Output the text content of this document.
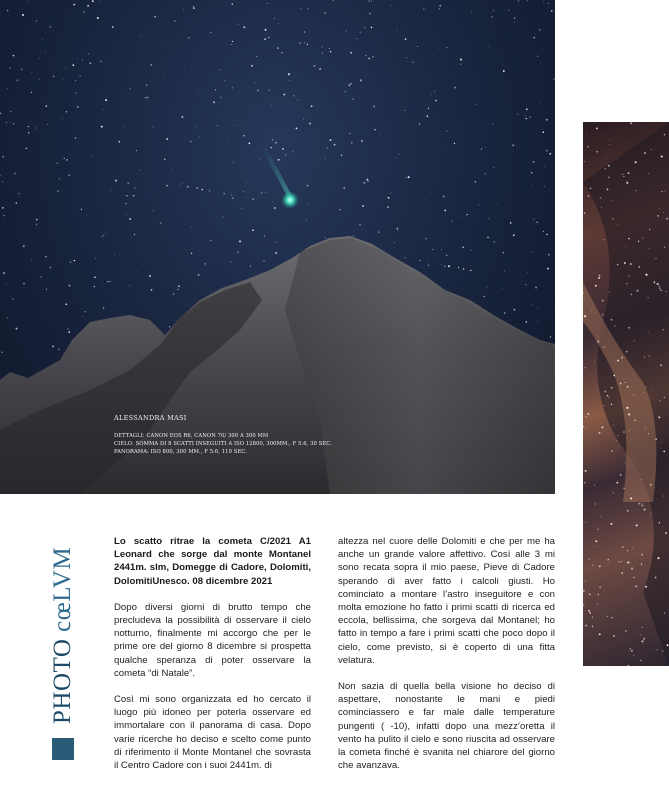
ALESSANDRA MASI
DETTAGLI: CANON EOS R6, CANON 70/ 300 A 300 MM
CIELO: SOMMA DI 8 SCATTI INSEGUITI A ISO 12800, 300MM., F 5.6, 30 SEC.
PANORAMA: ISO 800, 300 MM., F 5.6, 119 SEC.
PHOTO cœLVM

Lo scatto ritrae la cometa C/2021 A1 Leonard che sorge dal monte Montanel 2441m. slm, Domegge di Cadore, Dolomiti, DolomitiUnesco. 08 dicembre 2021

Dopo diversi giorni di brutto tempo che precludeva la possibilità di osservare il cielo notturno, finalmente mi accorgo che per le prime ore del giorno 8 dicembre si prospetta qualche speranza di poter osservare la cometa “di Natale”.

Così mi sono organizzata ed ho cercato il luogo più idoneo per poterla osservare ed immortalare con il panorama di casa. Dopo varie ricerche ho deciso e scelto come punto di riferimento il Monte Montanel che sovrasta il Centro Cadore con i suoi 2441m. di

altezza nel cuore delle Dolomiti e che per me ha anche un grande valore affettivo. Così alle 3 mi sono recata sopra il mio paese, Pieve di Cadore sperando di aver fatto i calcoli giusti. Ho cominciato a montare l’astro inseguitore e con molta emozione ho fatto i primi scatti di ricerca ed eccola, bellissima, che sorgeva dal Montanel; ho fatto in tempo a fare i primi scatti che poco dopo il cielo, come previsto, si è coperto di una fitta velatura.

Non sazia di quella bella visione ho deciso di aspettare, nonostante le mani e piedi cominciassero e far male dalle temperature pungenti ( -10), infatti dopo una mezz’oretta il vento ha pulito il cielo e sono riuscita ad osservare la cometa finché è svanita nel chiarore del giorno che avanzava.
